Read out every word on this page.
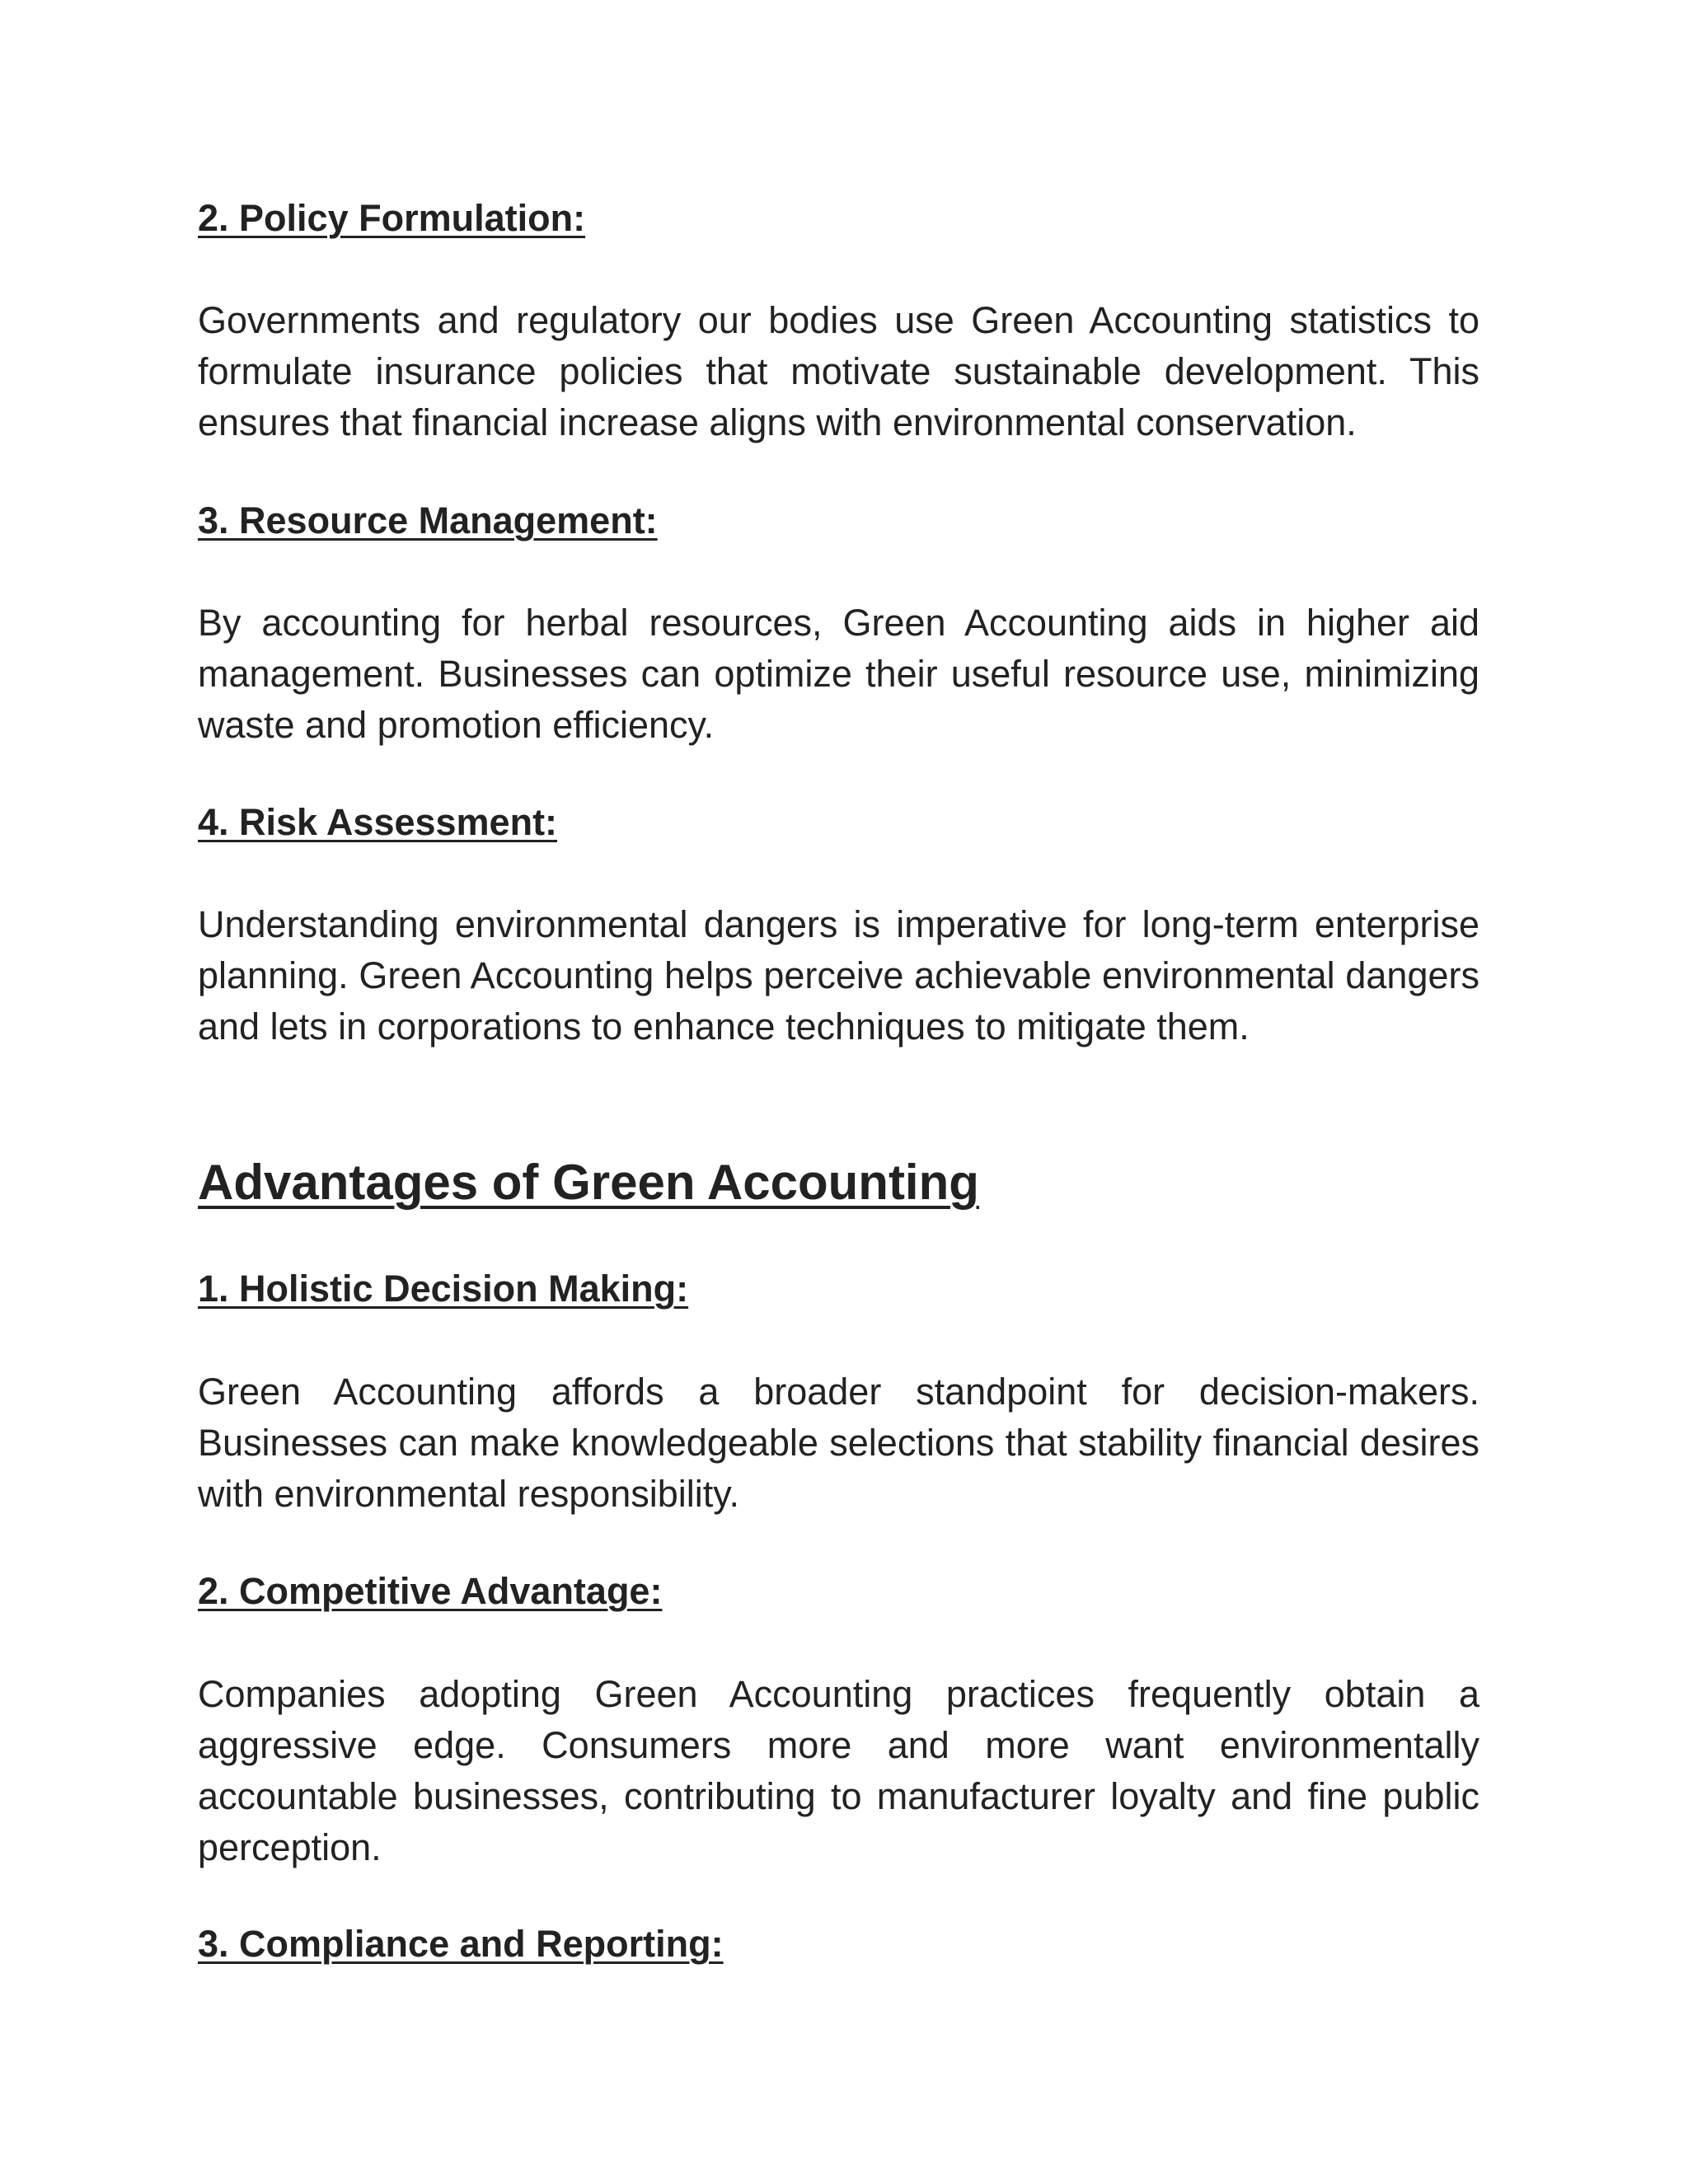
2. Policy Formulation:

Governments and regulatory our bodies use Green Accounting statistics to formulate insurance policies that motivate sustainable development. This ensures that financial increase aligns with environmental conservation.

3. Resource Management:

By accounting for herbal resources, Green Accounting aids in higher aid management. Businesses can optimize their useful resource use, minimizing waste and promotion efficiency.

4. Risk Assessment:

Understanding environmental dangers is imperative for long-term enterprise planning. Green Accounting helps perceive achievable environmental dangers and lets in corporations to enhance techniques to mitigate them.

Advantages of Green Accounting
1. Holistic Decision Making:

Green Accounting affords a broader standpoint for decision-makers. Businesses can make knowledgeable selections that stability financial desires with environmental responsibility.

2. Competitive Advantage:

Companies adopting Green Accounting practices frequently obtain a aggressive edge. Consumers more and more want environmentally accountable businesses, contributing to manufacturer loyalty and fine public perception.

3. Compliance and Reporting:
